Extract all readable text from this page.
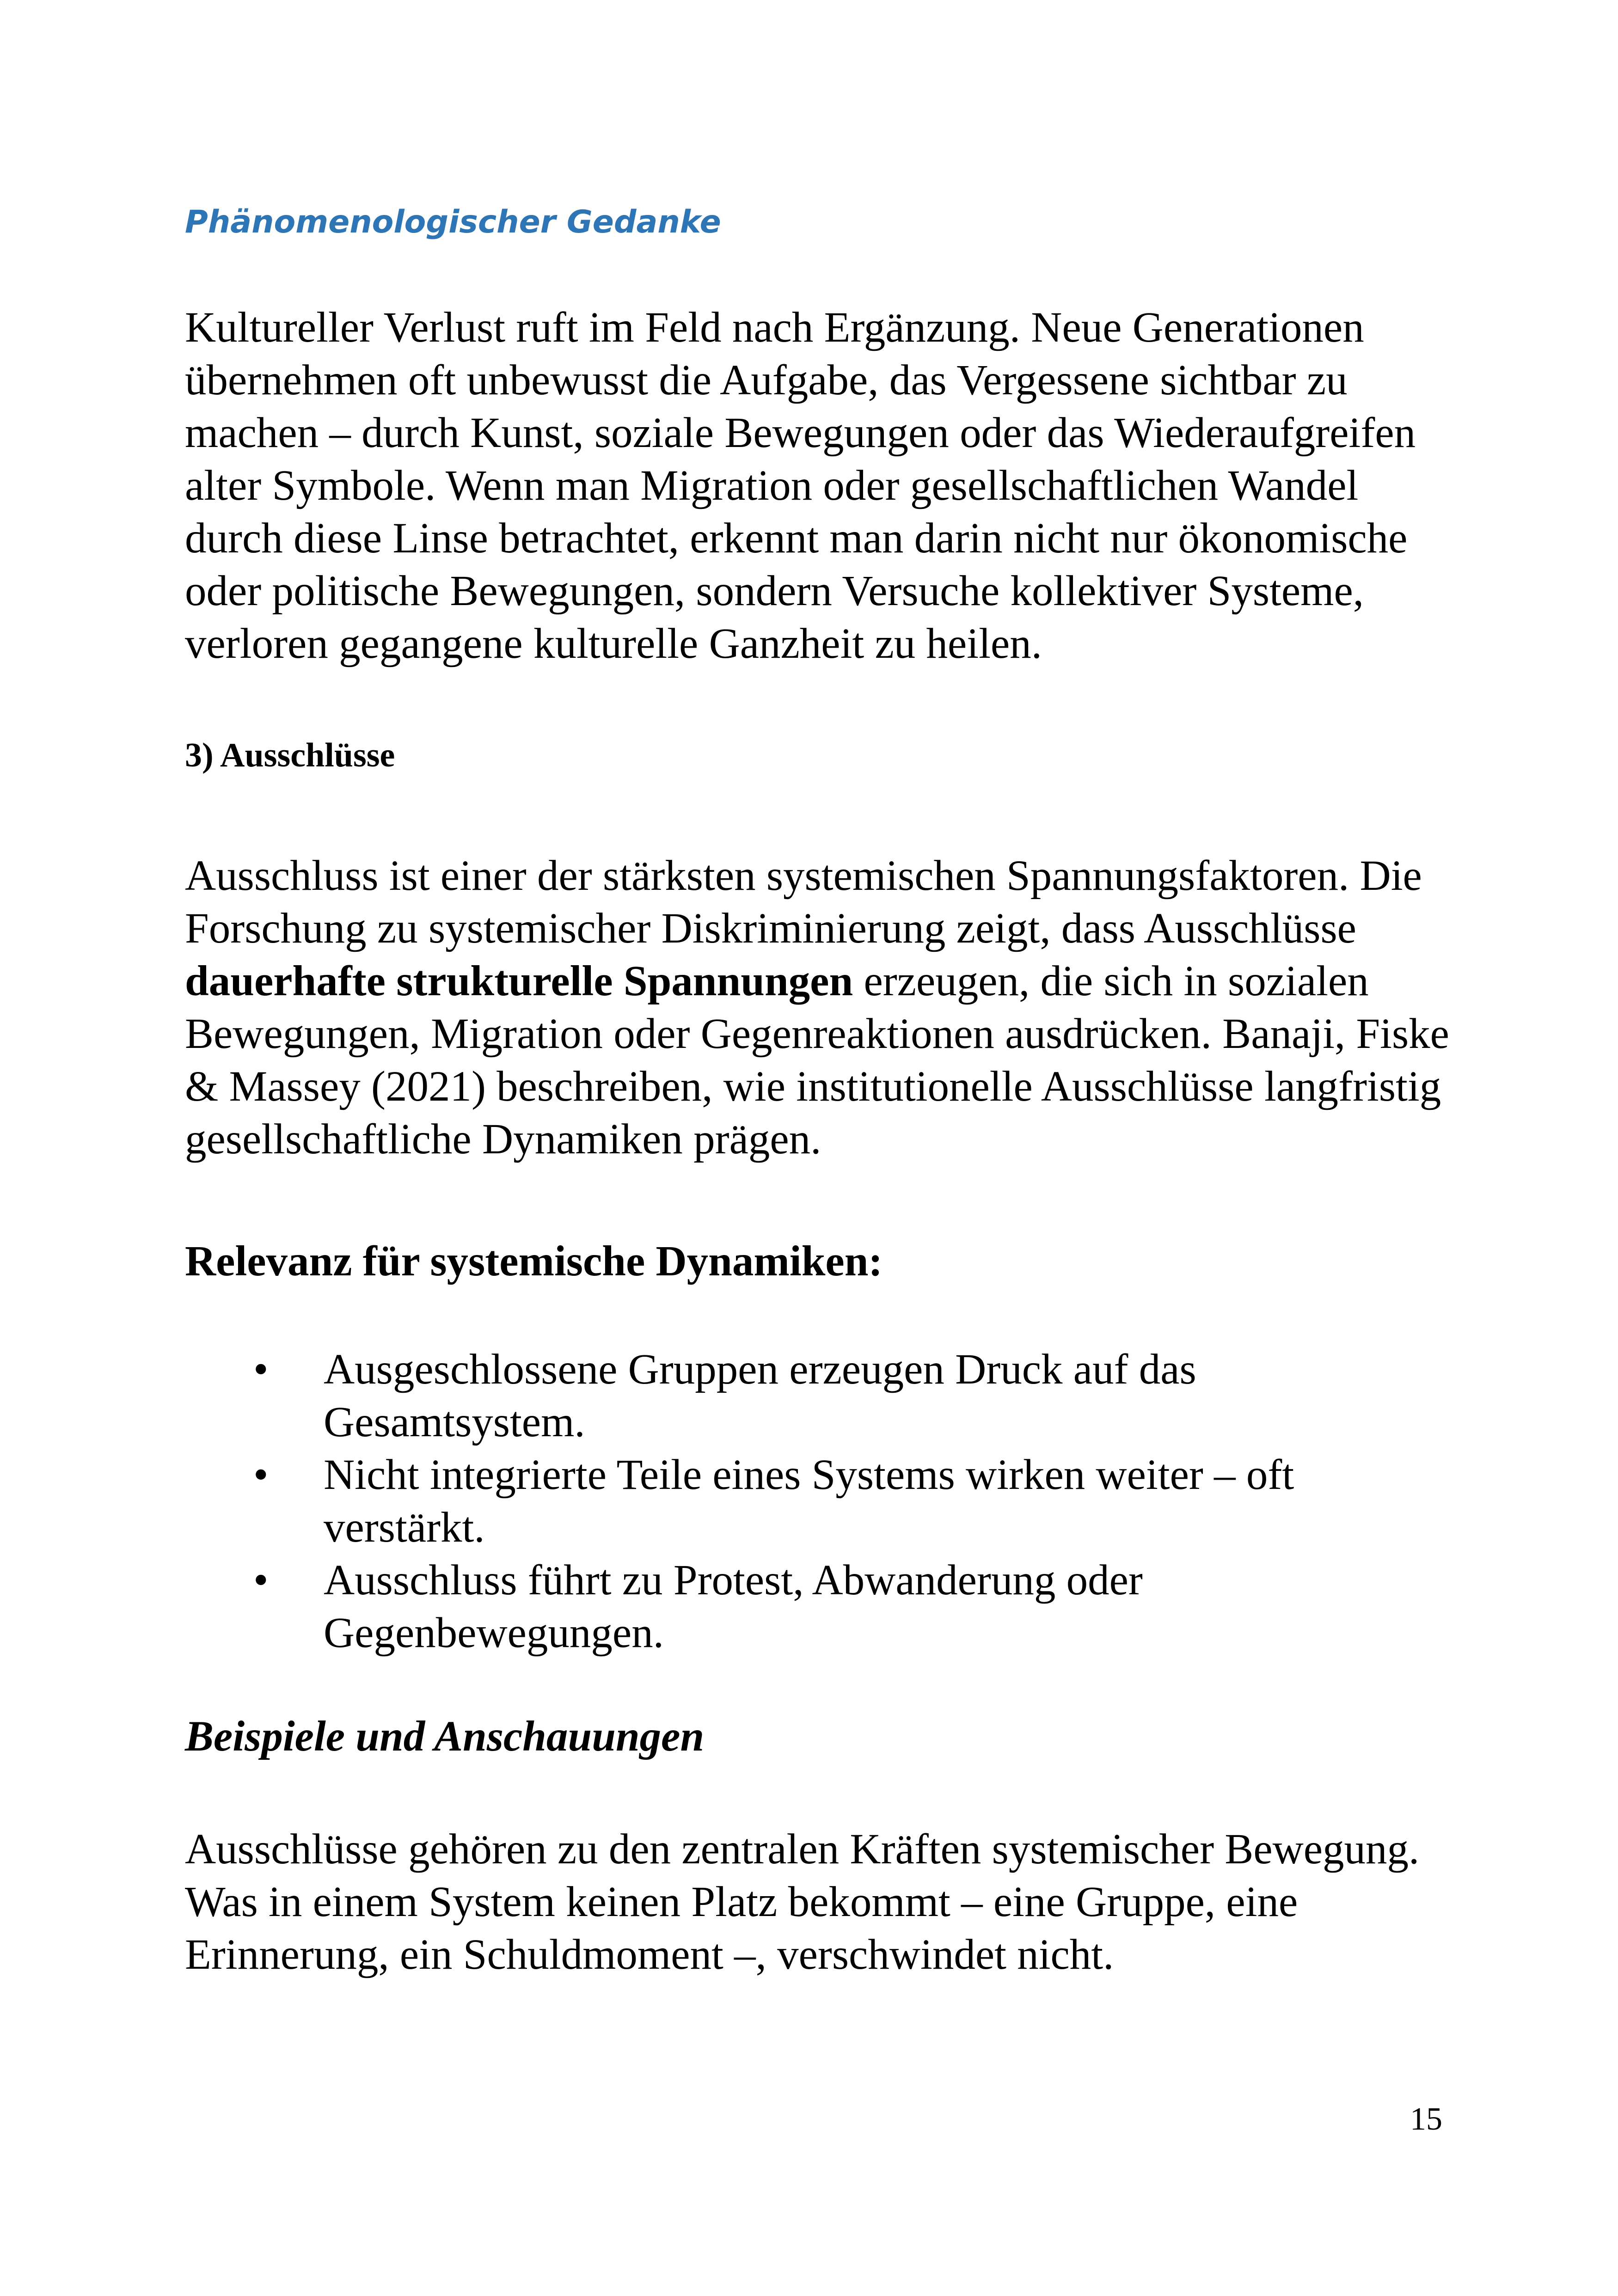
Phänomenologischer Gedanke

Kultureller Verlust ruft im Feld nach Ergänzung. Neue Generationen übernehmen oft unbewusst die Aufgabe, das Vergessene sichtbar zu machen – durch Kunst, soziale Bewegungen oder das Wiederaufgreifen alter Symbole. Wenn man Migration oder gesellschaftlichen Wandel durch diese Linse betrachtet, erkennt man darin nicht nur ökonomische oder politische Bewegungen, sondern Versuche kollektiver Systeme, verloren gegangene kulturelle Ganzheit zu heilen.

3) Ausschlüsse

Ausschluss ist einer der stärksten systemischen Spannungsfaktoren. Die Forschung zu systemischer Diskriminierung zeigt, dass Ausschlüsse dauerhafte strukturelle Spannungen erzeugen, die sich in sozialen Bewegungen, Migration oder Gegenreaktionen ausdrücken. Banaji, Fiske & Massey (2021) beschreiben, wie institutionelle Ausschlüsse langfristig gesellschaftliche Dynamiken prägen.

Relevanz für systemische Dynamiken:
• Ausgeschlossene Gruppen erzeugen Druck auf das Gesamtsystem.
• Nicht integrierte Teile eines Systems wirken weiter – oft verstärkt.
• Ausschluss führt zu Protest, Abwanderung oder Gegenbewegungen.
Beispiele und Anschauungen

Ausschlüsse gehören zu den zentralen Kräften systemischer Bewegung. Was in einem System keinen Platz bekommt – eine Gruppe, eine Erinnerung, ein Schuldmoment –, verschwindet nicht.

15
